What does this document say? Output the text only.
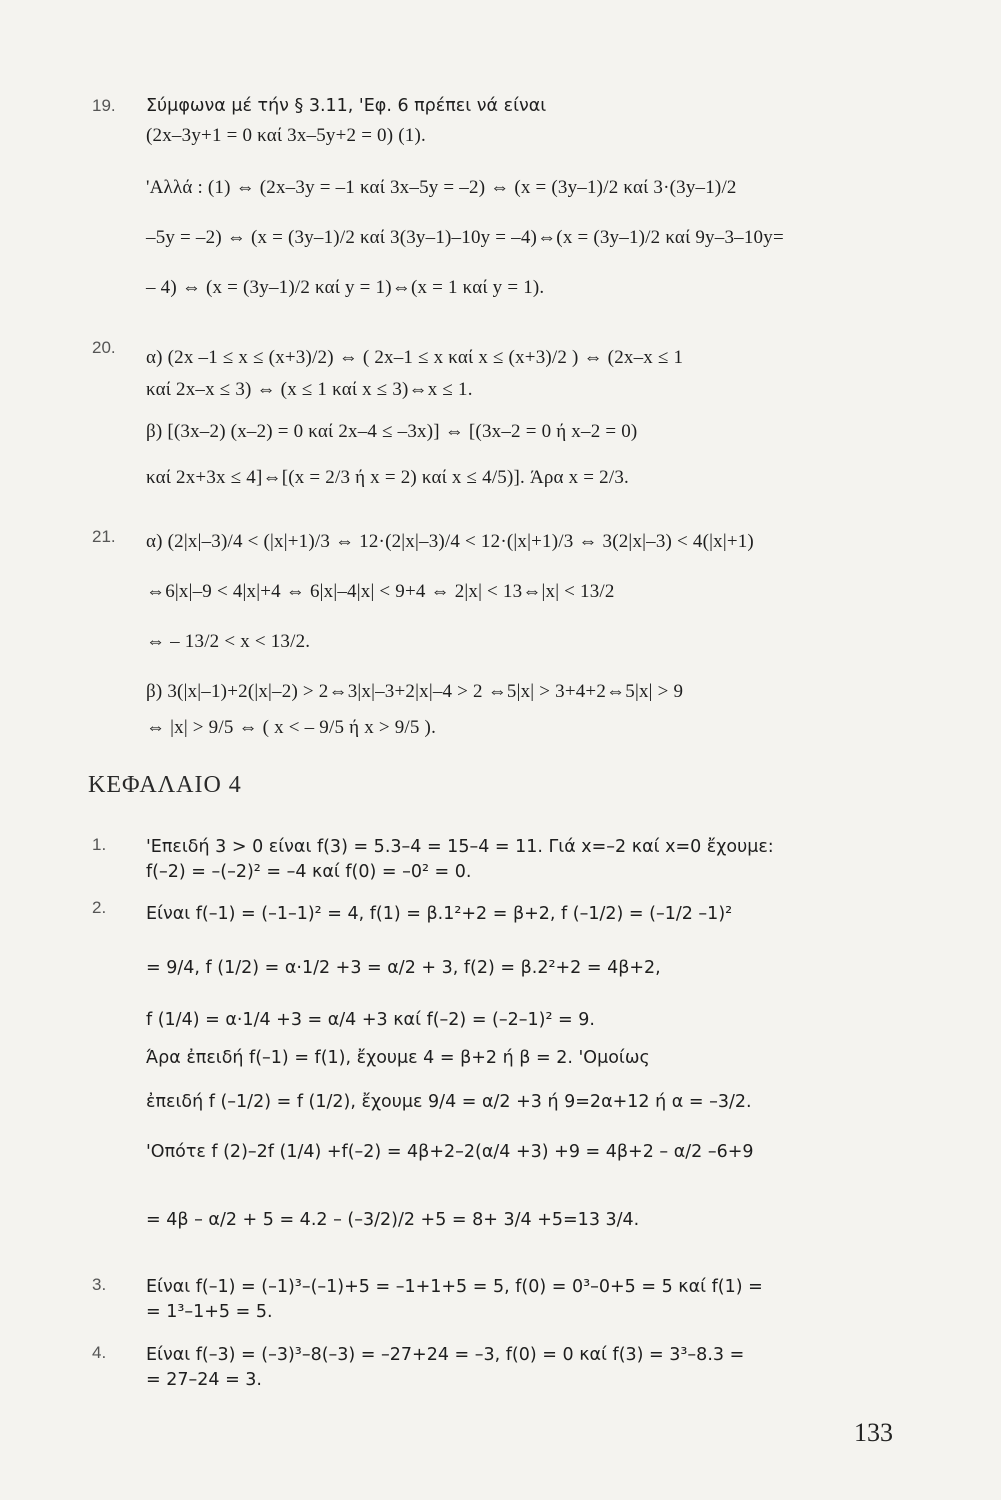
19. Σύμφωνα μέ τήν § 3.11, 'Εφ. 6 πρέπει νά είναι
(2x–3y+1 = 0 καί 3x–5y+2 = 0) (1).
'Αλλά : (1) ⇔ (2x–3y = –1 καί 3x–5y = –2) ⇔ (x = (3y–1)/2 καί 3·(3y–1)/2
–5y = –2) ⇔ (x = (3y–1)/2 καί 3(3y–1)–10y = –4)⇔(x = (3y–1)/2 καί 9y–3–10y=
– 4) ⇔ (x = (3y–1)/2 καί y = 1)⇔(x = 1 καί y = 1).
20. α) (2x –1 ≤ x ≤ (x+3)/2) ⇔ ( 2x–1 ≤ x καί x ≤ (x+3)/2 ) ⇔ (2x–x ≤ 1
καί 2x–x ≤ 3) ⇔ (x ≤ 1 καί x ≤ 3)⇔x ≤ 1.
β) [(3x–2) (x–2) = 0 καί 2x–4 ≤ –3x)] ⇔ [(3x–2 = 0 ή x–2 = 0)
καί 2x+3x ≤ 4]⇔[(x = 2/3 ή x = 2) καί x ≤ 4/5)]. Άρα x = 2/3.
21. α) (2|x|–3)/4 < (|x|+1)/3 ⇔ 12·(2|x|–3)/4 < 12·(|x|+1)/3 ⇔ 3(2|x|–3) < 4(|x|+1)
⇔6|x|–9 < 4|x|+4 ⇔ 6|x|–4|x| < 9+4 ⇔ 2|x| < 13⇔|x| < 13/2
⇔ – 13/2 < x < 13/2.
β) 3(|x|–1)+2(|x|–2) > 2⇔3|x|–3+2|x|–4 > 2 ⇔5|x| > 3+4+2⇔5|x| > 9
⇔ |x| > 9/5 ⇔ ( x < – 9/5 ή x > 9/5 ).
ΚΕΦΑΛΑΙΟ 4
1. 'Επειδή 3 > 0 είναι f(3) = 5.3–4 = 15–4 = 11. Γιά x=–2 καί x=0 ἔχουμε:
f(–2) = –(–2)² = –4 καί f(0) = –0² = 0.
2. Είναι f(–1) = (–1–1)² = 4, f(1) = β.1²+2 = β+2, f (–1/2) = (–1/2 –1)²
= 9/4, f (1/2) = α·1/2 +3 = α/2 + 3, f(2) = β.2²+2 = 4β+2,
f (1/4) = α·1/4 +3 = α/4 +3 καί f(–2) = (–2–1)² = 9.
Άρα ἐπειδή f(–1) = f(1), ἔχουμε 4 = β+2 ή β = 2. 'Ομοίως
ἐπειδή f (–1/2) = f (1/2), ἔχουμε 9/4 = α/2 +3 ή 9=2α+12 ή α = –3/2.
'Οπότε f (2)–2f (1/4) +f(–2) = 4β+2–2(α/4 +3) +9 = 4β+2 – α/2 –6+9
= 4β – α/2 + 5 = 4.2 – (–3/2)/2 +5 = 8+ 3/4 +5=13 3/4.
3. Είναι f(–1) = (–1)³–(–1)+5 = –1+1+5 = 5, f(0) = 0³–0+5 = 5 καί f(1) =
= 1³–1+5 = 5.
4. Είναι f(–3) = (–3)³–8(–3) = –27+24 = –3, f(0) = 0 καί f(3) = 3³–8.3 =
= 27–24 = 3.
133
